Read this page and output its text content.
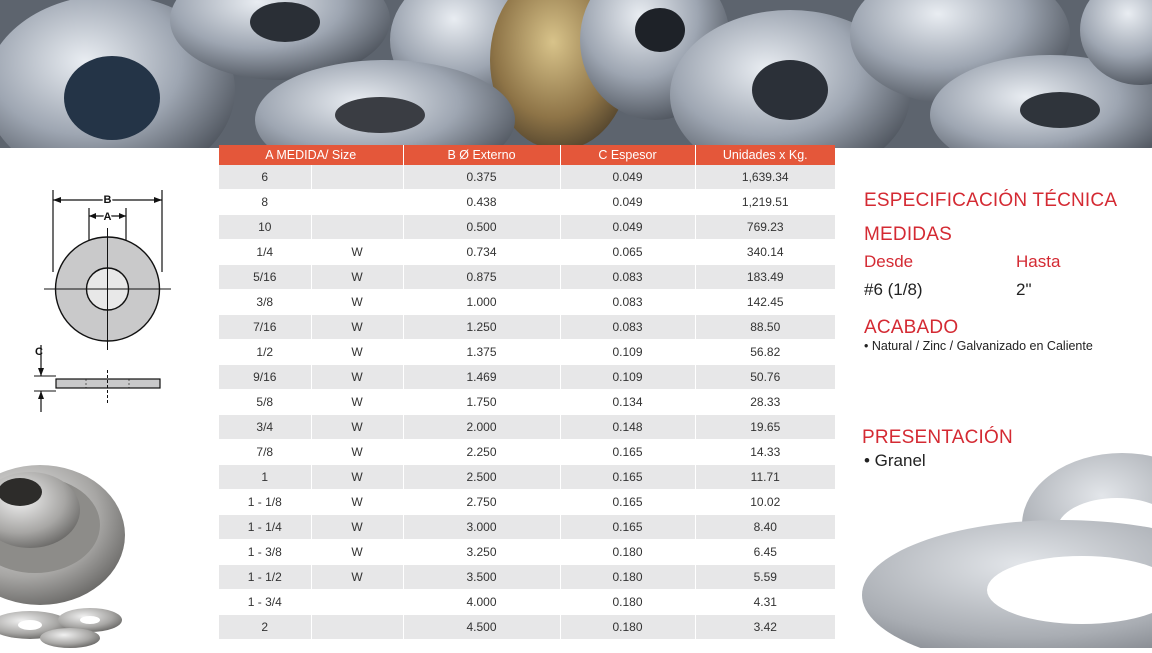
A MEDIDA/ Size		B Ø Externo	C Espesor	Unidades x Kg.
6		0.375	0.049	1,639.34
8		0.438	0.049	1,219.51
10		0.500	0.049	769.23
1/4	W	0.734	0.065	340.14
5/16	W	0.875	0.083	183.49
3/8	W	1.000	0.083	142.45
7/16	W	1.250	0.083	88.50
1/2	W	1.375	0.109	56.82
9/16	W	1.469	0.109	50.76
5/8	W	1.750	0.134	28.33
3/4	W	2.000	0.148	19.65
7/8	W	2.250	0.165	14.33
1	W	2.500	0.165	11.71
1 - 1/8	W	2.750	0.165	10.02
1 - 1/4	W	3.000	0.165	8.40
1 - 3/8	W	3.250	0.180	6.45
1 - 1/2	W	3.500	0.180	5.59
1 - 3/4		4.000	0.180	4.31
2		4.500	0.180	3.42
B
A
C
ESPECIFICACIÓN TÉCNICA
MEDIDAS
Desde	Hasta
#6 (1/8)	2"
ACABADO
• Natural / Zinc / Galvanizado en Caliente
PRESENTACIÓN
• Granel
